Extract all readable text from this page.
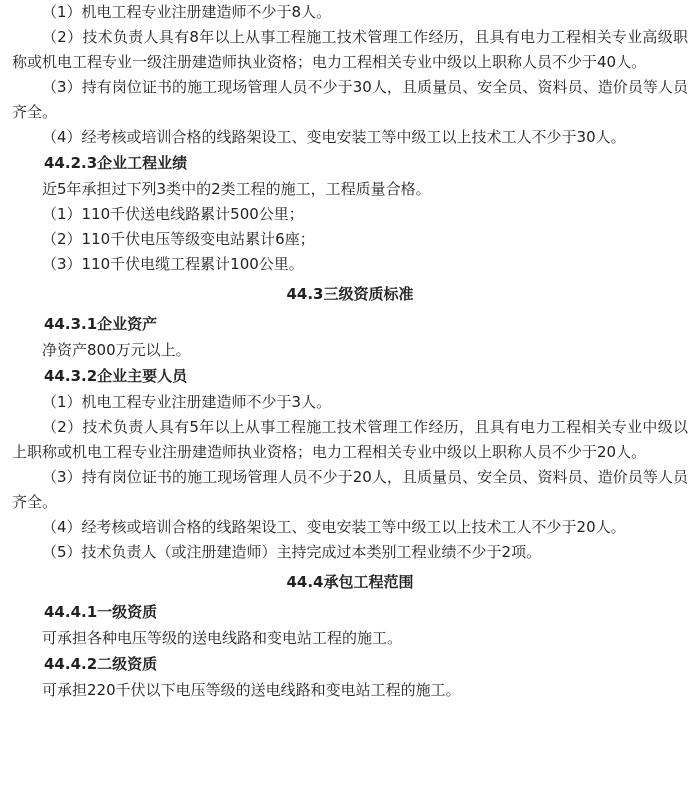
（1）机电工程专业注册建造师不少于8人。

（2）技术负责人具有8年以上从事工程施工技术管理工作经历，且具有电力工程相关专业高级职称或机电工程专业一级注册建造师执业资格；电力工程相关专业中级以上职称人员不少于40人。

（3）持有岗位证书的施工现场管理人员不少于30人，且质量员、安全员、资料员、造价员等人员齐全。

（4）经考核或培训合格的线路架设工、变电安装工等中级工以上技术工人不少于30人。

44.2.3企业工程业绩

近5年承担过下列3类中的2类工程的施工，工程质量合格。

（1）110千伏送电线路累计500公里；

（2）110千伏电压等级变电站累计6座；

（3）110千伏电缆工程累计100公里。

44.3三级资质标准

44.3.1企业资产

净资产800万元以上。

44.3.2企业主要人员

（1）机电工程专业注册建造师不少于3人。

（2）技术负责人具有5年以上从事工程施工技术管理工作经历，且具有电力工程相关专业中级以上职称或机电工程专业注册建造师执业资格；电力工程相关专业中级以上职称人员不少于20人。

（3）持有岗位证书的施工现场管理人员不少于20人，且质量员、安全员、资料员、造价员等人员齐全。

（4）经考核或培训合格的线路架设工、变电安装工等中级工以上技术工人不少于20人。

（5）技术负责人（或注册建造师）主持完成过本类别工程业绩不少于2项。

44.4承包工程范围

44.4.1一级资质

可承担各种电压等级的送电线路和变电站工程的施工。

44.4.2二级资质

可承担220千伏以下电压等级的送电线路和变电站工程的施工。
